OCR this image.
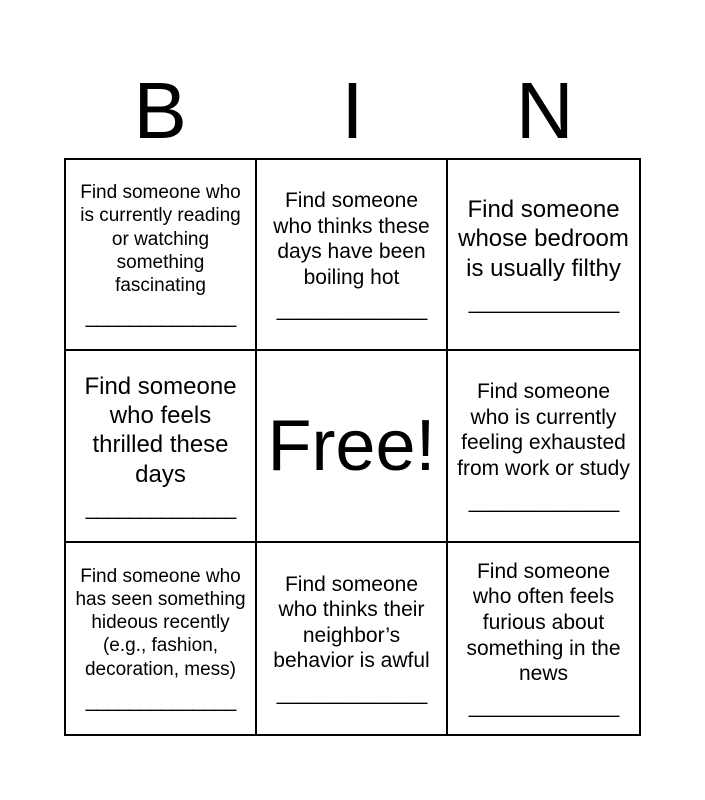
B	I	N
Find someone who is currently reading or watching something fascinating
______________
Find someone who thinks these days have been boiling hot
______________
Find someone whose bedroom is usually filthy
______________
Find someone who feels thrilled these days
______________
Free!
Find someone who is currently feeling exhausted from work or study
______________
Find someone who has seen something hideous recently (e.g., fashion, decoration, mess)
______________
Find someone who thinks their neighbor’s behavior is awful
______________
Find someone who often feels furious about something in the news
______________
